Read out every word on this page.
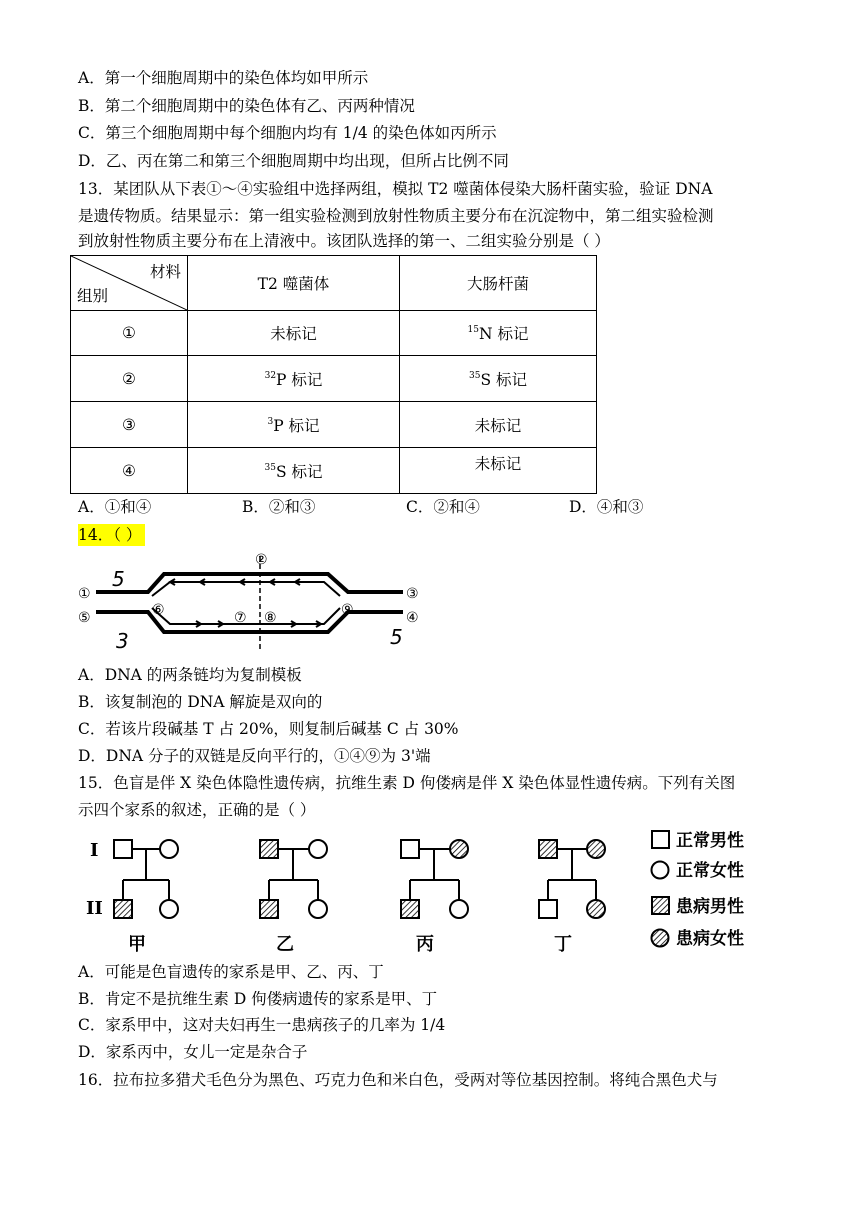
A．第一个细胞周期中的染色体均如甲所示
B．第二个细胞周期中的染色体有乙、丙两种情况
C．第三个细胞周期中每个细胞内均有 1/4 的染色体如丙所示
D．乙、丙在第二和第三个细胞周期中均出现，但所占比例不同
13．某团队从下表①～④实验组中选择两组，模拟 T2 噬菌体侵染大肠杆菌实验，验证 DNA
是遗传物质。结果显示：第一组实验检测到放射性物质主要分布在沉淀物中，第二组实验检测
到放射性物质主要分布在上清液中。该团队选择的第一、二组实验分别是（ ）
材料
组别	T2 噬菌体	大肠杆菌
①	未标记	$^{15}$N 标记
②	$^{32}$P 标记	$^{35}$S 标记
③	$^3$P 标记	未标记
④	$^{35}$S 标记	未标记
A．①和④	B．②和③	C．②和④	D．④和③
14．（ ）
①
②
③
④
⑤	⑥	⑦ ⑧	⑨
5
5
3
A．DNA 的两条链均为复制模板
B．该复制泡的 DNA 解旋是双向的
C．若该片段碱基 T 占 20%，则复制后碱基 C 占 30%
D．DNA 分子的双链是反向平行的，①④⑨为 3'端
15．色盲是伴 X 染色体隐性遗传病，抗维生素 D 佝偻病是伴 X 染色体显性遗传病。下列有关图
示四个家系的叙述，正确的是（ ）
I
II
甲	乙	丙	丁
正常男性
正常女性
患病男性
患病女性
A．可能是色盲遗传的家系是甲、乙、丙、丁
B．肯定不是抗维生素 D 佝偻病遗传的家系是甲、丁
C．家系甲中，这对夫妇再生一患病孩子的几率为 1/4
D．家系丙中，女儿一定是杂合子
16．拉布拉多猎犬毛色分为黑色、巧克力色和米白色，受两对等位基因控制。将纯合黑色犬与
